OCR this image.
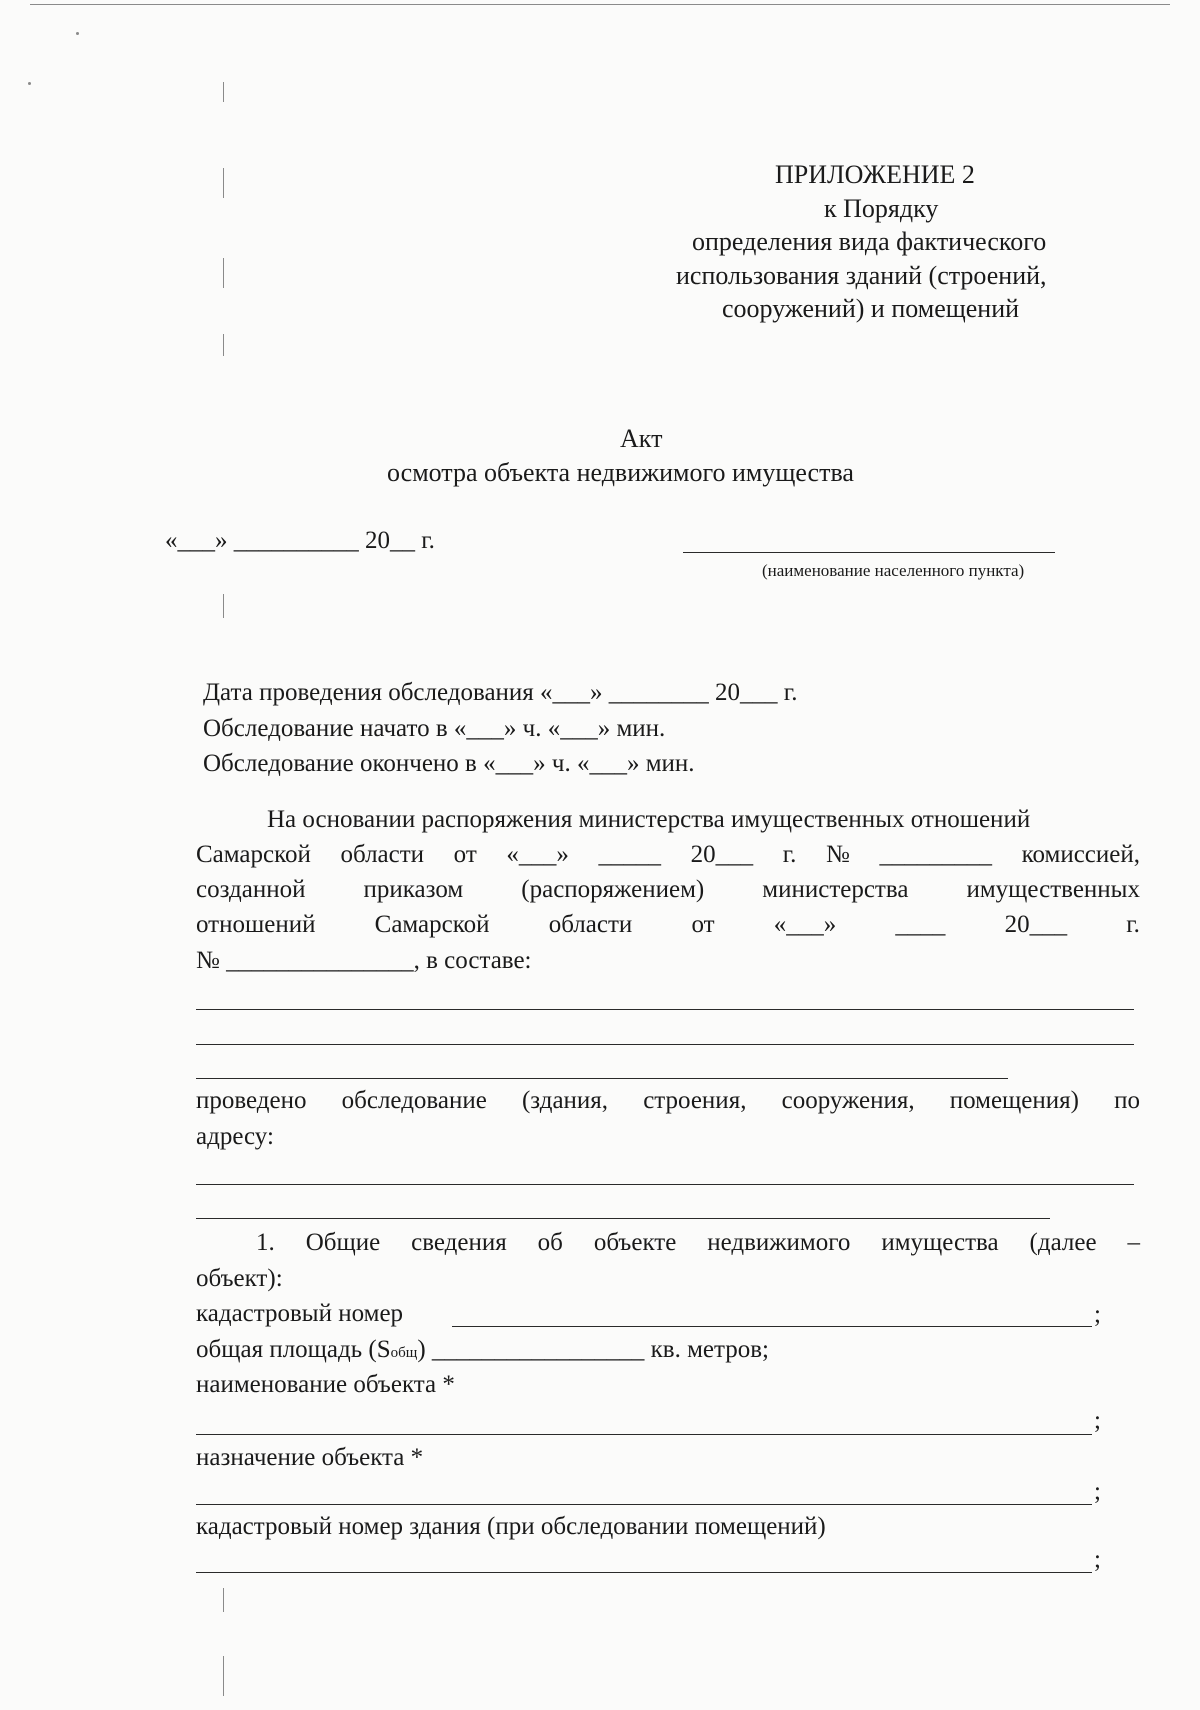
ПРИЛОЖЕНИЕ 2
к Порядку
определения вида фактического
использования зданий (строений,
сооружений) и помещений
Акт
осмотра объекта недвижимого имущества
«___» __________ 20__ г.
(наименование населенного пункта)
Дата проведения обследования «___» ________ 20___ г.
Обследование начато в «___» ч. «___» мин.
Обследование окончено в «___» ч. «___» мин.
На основании распоряжения министерства имущественных отношений
Самарской области от «___» _____ 20___ г. № _________ комиссией,
созданной приказом (распоряжением) министерства имущественных
отношений Самарской области от «___» ____ 20___ г.
№ _______________, в составе:
проведено обследование (здания, строения, сооружения, помещения) по
адресу:
1. Общие сведения об объекте недвижимого имущества (далее –
объект):
кадастровый номер	;
общая площадь (Sобщ) _________________ кв. метров;
наименование объекта *
;
назначение объекта *
;
кадастровый номер здания (при обследовании помещений)
;
